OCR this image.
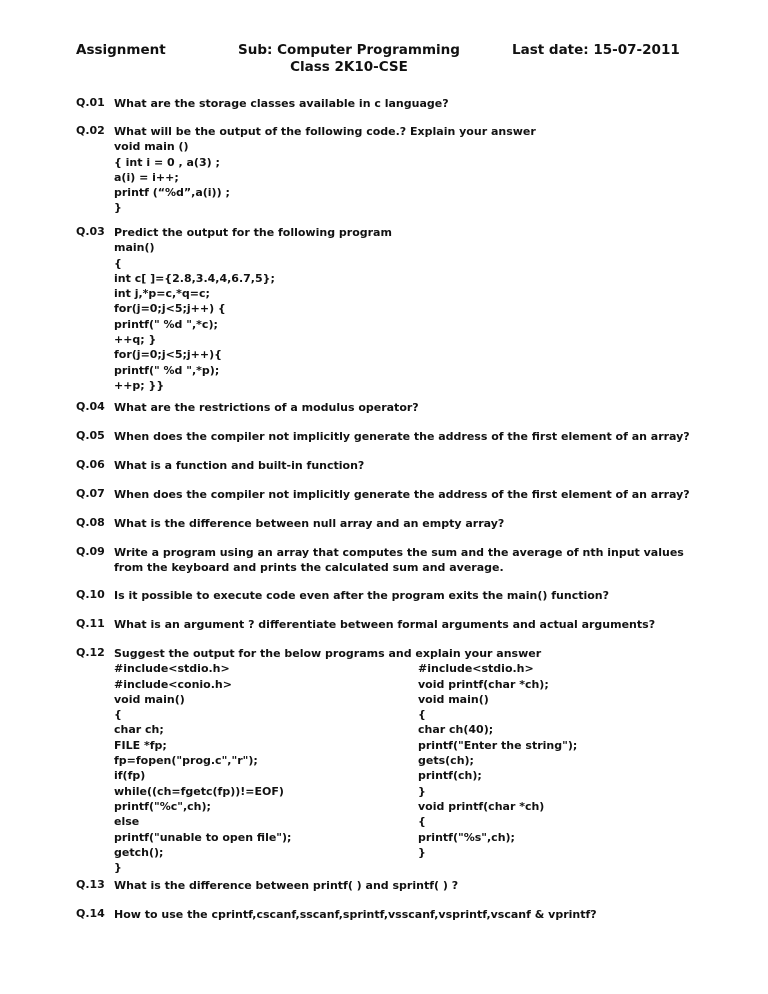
Assignment	Sub: Computer Programming
Class 2K10-CSE
Last date: 15-07-2011
Q.01 What are the storage classes available in c language?
Q.02 What will be the output of the following code.? Explain your answer
void main ()
{ int i = 0 , a(3) ;
a(i) = i++;
printf (“%d”,a(i)) ;
}
Q.03 Predict the output for the following program
main()
{
int c[ ]={2.8,3.4,4,6.7,5};
int j,*p=c,*q=c;
for(j=0;j<5;j++) {
printf(" %d ",*c);
++q; }
for(j=0;j<5;j++){
printf(" %d ",*p);
++p; }}
Q.04 What are the restrictions of a modulus operator?
Q.05 When does the compiler not implicitly generate the address of the first element of an array?
Q.06 What is a function and built-in function?
Q.07 When does the compiler not implicitly generate the address of the first element of an array?
Q.08 What is the difference between null array and an empty array?
Q.09 Write a program using an array that computes the sum and the average of nth input values from the keyboard and prints the calculated sum and average.
Q.10 Is it possible to execute code even after the program exits the main() function?
Q.11 What is an argument ? differentiate between formal arguments and actual arguments?
Q.12 Suggest the output for the below programs and explain your answer
#include<stdio.h>
#include<conio.h>
void main()
{
char ch;
FILE *fp;
fp=fopen("prog.c","r");
if(fp)
while((ch=fgetc(fp))!=EOF)
printf("%c",ch);
else
printf("unable to open file");
getch();
}
#include<stdio.h>
void printf(char *ch);
void main()
{
char ch(40);
printf("Enter the string");
gets(ch);
printf(ch);
}
void printf(char *ch)
{
printf("%s",ch);
}
Q.13 What is the difference between printf( ) and sprintf( ) ?
Q.14 How to use the cprintf,cscanf,sscanf,sprintf,vsscanf,vsprintf,vscanf & vprintf?
